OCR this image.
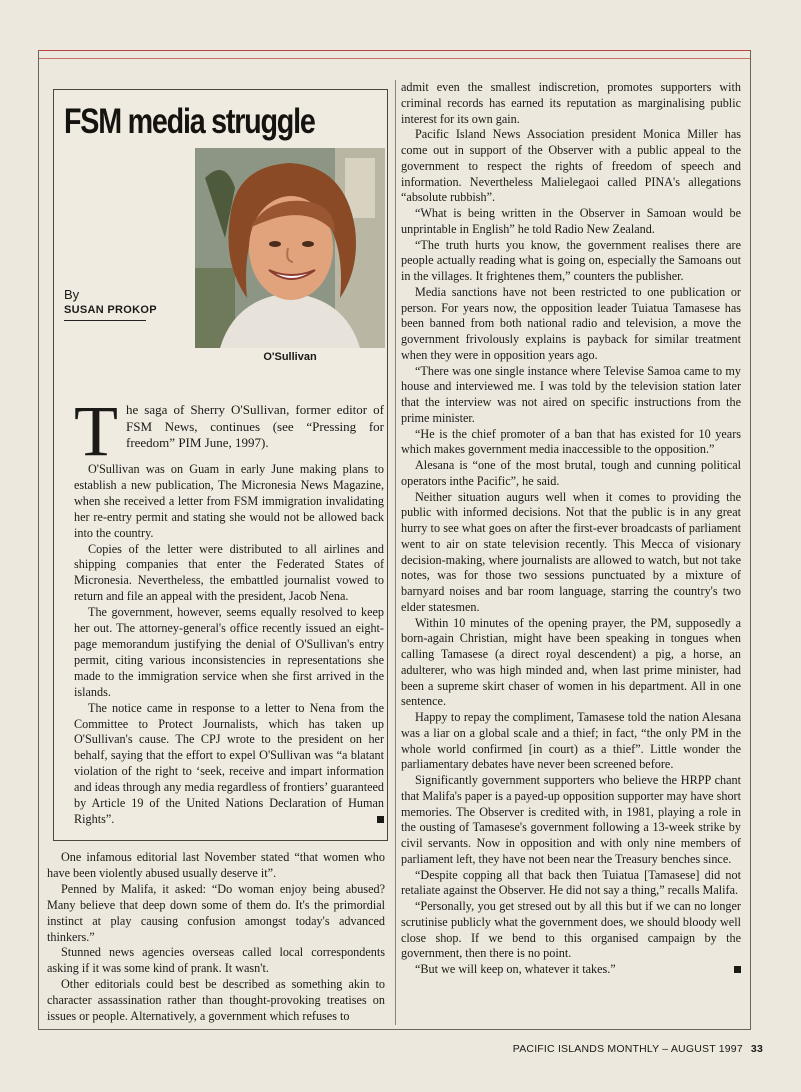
FSM media struggle
O'Sullivan
By
SUSAN PROKOP
T he saga of Sherry O'Sullivan, former editor of FSM News, continues (see “Pressing for freedom” PIM June, 1997).

O'Sullivan was on Guam in early June making plans to establish a new publication, The Micronesia News Magazine, when she received a letter from FSM immigration invalidating her re-entry permit and stating she would not be allowed back into the country.

Copies of the letter were distributed to all airlines and shipping companies that enter the Federated States of Micronesia. Nevertheless, the embattled journalist vowed to return and file an appeal with the president, Jacob Nena.

The government, however, seems equally resolved to keep her out. The attorney-general's office recently issued an eight-page memorandum justifying the denial of O'Sullivan's entry permit, citing various inconsistencies in representations she made to the immigration service when she first arrived in the islands.

The notice came in response to a letter to Nena from the Committee to Protect Journalists, which has taken up O'Sullivan's cause. The CPJ wrote to the president on her behalf, saying that the effort to expel O'Sullivan was “a blatant violation of the right to ‘seek, receive and impart information and ideas through any media regardless of frontiers’ guaranteed by Article 19 of the United Nations Declaration of Human Rights”.

One infamous editorial last November stated “that women who have been violently abused usually deserve it”.

Penned by Malifa, it asked: “Do woman enjoy being abused? Many believe that deep down some of them do. It's the primordial instinct at play causing confusion amongst today's advanced thinkers.”

Stunned news agencies overseas called local correspondents asking if it was some kind of prank. It wasn't.

Other editorials could best be described as something akin to character assassination rather than thought-provoking treatises on issues or people. Alternatively, a government which refuses to

admit even the smallest indiscretion, promotes supporters with criminal records has earned its reputation as marginalising public interest for its own gain.

Pacific Island News Association president Monica Miller has come out in support of the Observer with a public appeal to the government to respect the rights of freedom of speech and information. Nevertheless Malielegaoi called PINA's allegations “absolute rubbish”.

“What is being written in the Observer in Samoan would be unprintable in English” he told Radio New Zealand.

“The truth hurts you know, the government realises there are people actually reading what is going on, especially the Samoans out in the villages. It frightenes them,” counters the publisher.

Media sanctions have not been restricted to one publication or person. For years now, the opposition leader Tuiatua Tamasese has been banned from both national radio and television, a move the government frivolously explains is payback for similar treatment when they were in opposition years ago.

“There was one single instance where Televise Samoa came to my house and interviewed me. I was told by the television station later that the interview was not aired on specific instructions from the prime minister.

“He is the chief promoter of a ban that has existed for 10 years which makes government media inaccessible to the opposition.”

Alesana is “one of the most brutal, tough and cunning political operators inthe Pacific”, he said.

Neither situation augurs well when it comes to providing the public with informed decisions. Not that the public is in any great hurry to see what goes on after the first-ever broadcasts of parliament went to air on state television recently. This Mecca of visionary decision-making, where journalists are allowed to watch, but not take notes, was for those two sessions punctuated by a mixture of barnyard noises and bar room language, starring the country's two elder statesmen.

Within 10 minutes of the opening prayer, the PM, supposedly a born-again Christian, might have been speaking in tongues when calling Tamasese (a direct royal descendent) a pig, a horse, an adulterer, who was high minded and, when last prime minister, had been a supreme skirt chaser of women in his department. All in one sentence.

Happy to repay the compliment, Tamasese told the nation Alesana was a liar on a global scale and a thief; in fact, “the only PM in the whole world confirmed [in court) as a thief”. Little wonder the parliamentary debates have never been screened before.

Significantly government supporters who believe the HRPP chant that Malifa's paper is a payed-up opposition supporter may have short memories. The Observer is credited with, in 1981, playing a role in the ousting of Tamasese's government following a 13-week strike by civil servants. Now in opposition and with only nine members of parliament left, they have not been near the Treasury benches since.

“Despite copping all that back then Tuiatua [Tamasese] did not retaliate against the Observer. He did not say a thing,” recalls Malifa.

“Personally, you get stresed out by all this but if we can no longer scrutinise publicly what the government does, we should bloody well close shop. If we bend to this organised campaign by the government, then there is no point.

“But we will keep on, whatever it takes.”

PACIFIC ISLANDS MONTHLY – AUGUST 1997 33
